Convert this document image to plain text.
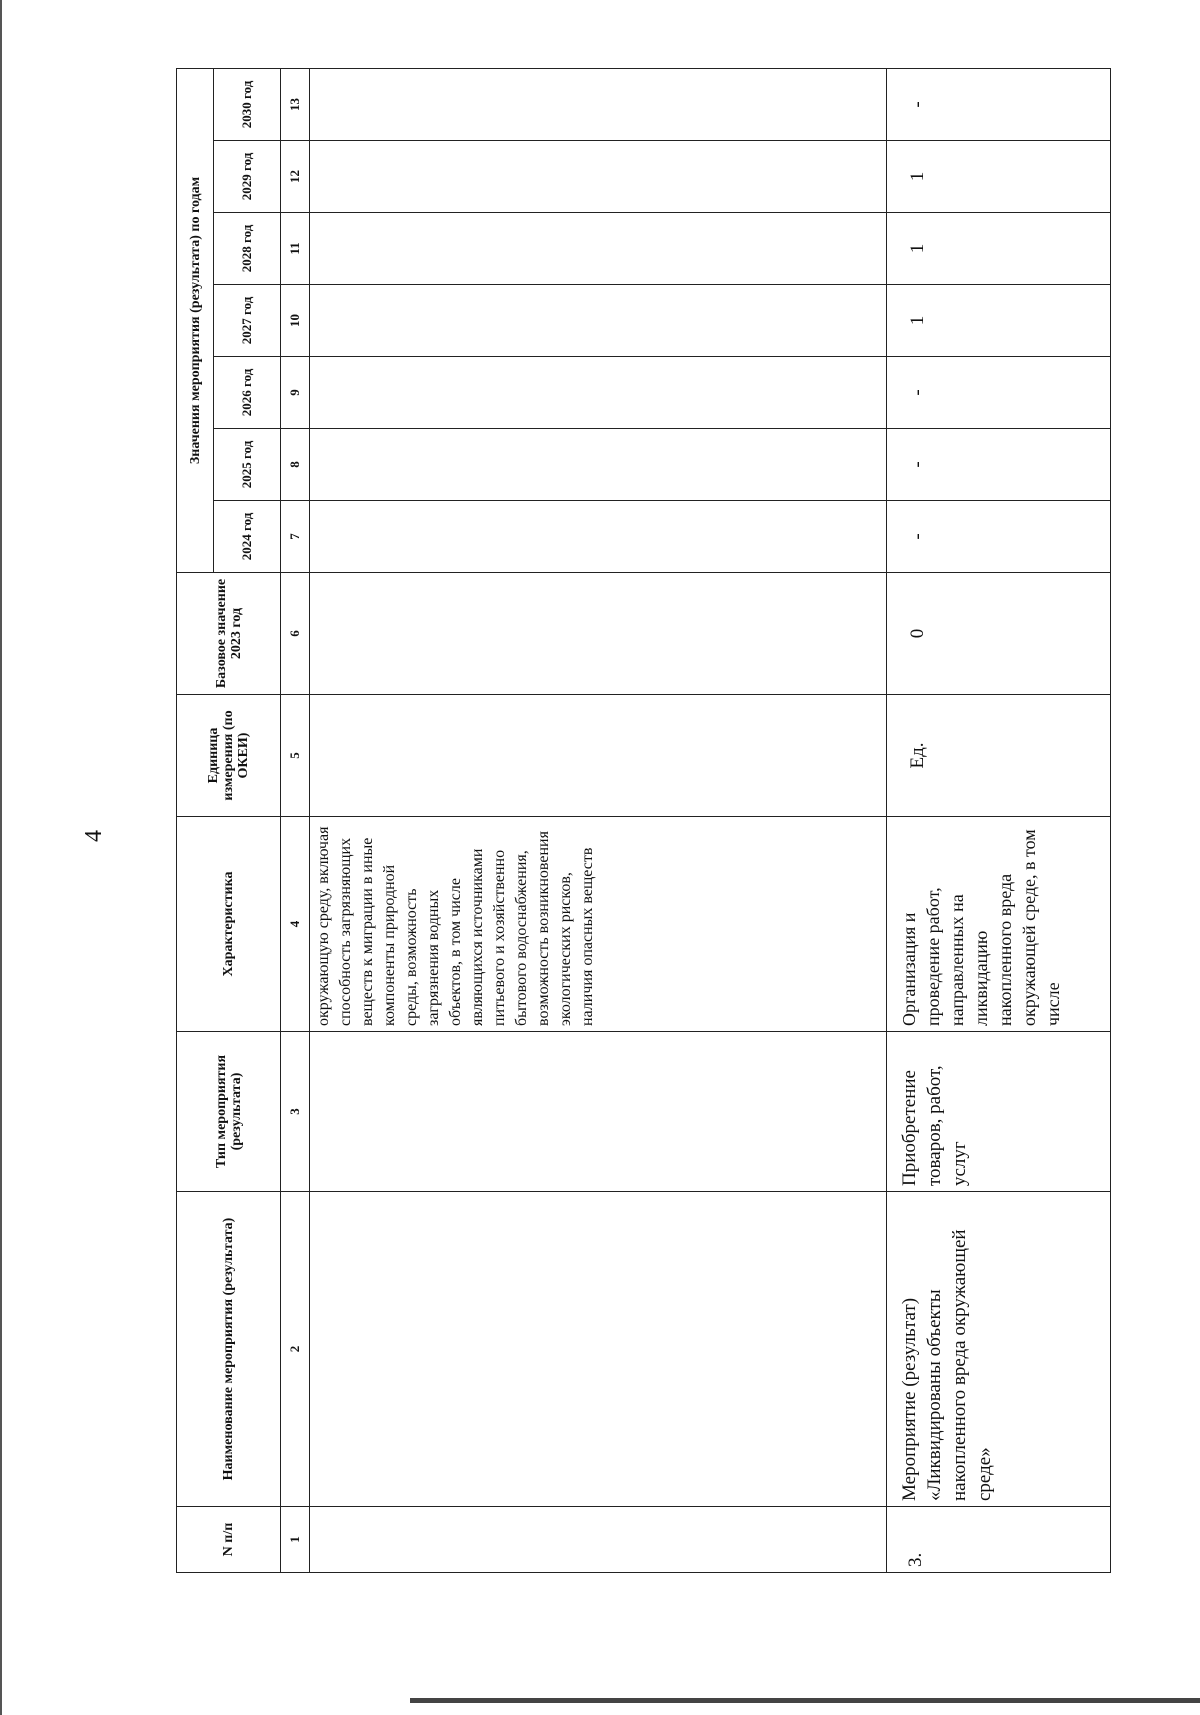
4
N п/п	Наименование мероприятия (результата)	Тип мероприятия (результата)	Характеристика	Единица измерения (по ОКЕИ)	Базовое значение 2023 год	Значения мероприятия (результата) по годам						
						2024 год	2025 год	2026 год	2027 год	2028 год	2029 год	2030 год
1	2	3	4	5	6	7	8	9	10	11	12	13
			окружающую среду, включая способность загрязняющих веществ к миграции в иные компоненты природной среды, возможность загрязнения водных объектов, в том числе являющихся источниками питьевого и хозяйственно бытового водоснабжения, возможность возникновения экологических рисков, наличия опасных веществ									
3.	Мероприятие (результат) «Ликвидированы объекты накопленного вреда окружающей среде»	Приобретение товаров, работ, услуг	Организация и проведение работ, направленных на ликвидацию накопленного вреда окружающей среде, в том числе	Ед.	0	-	-	-	1	1	1	-
